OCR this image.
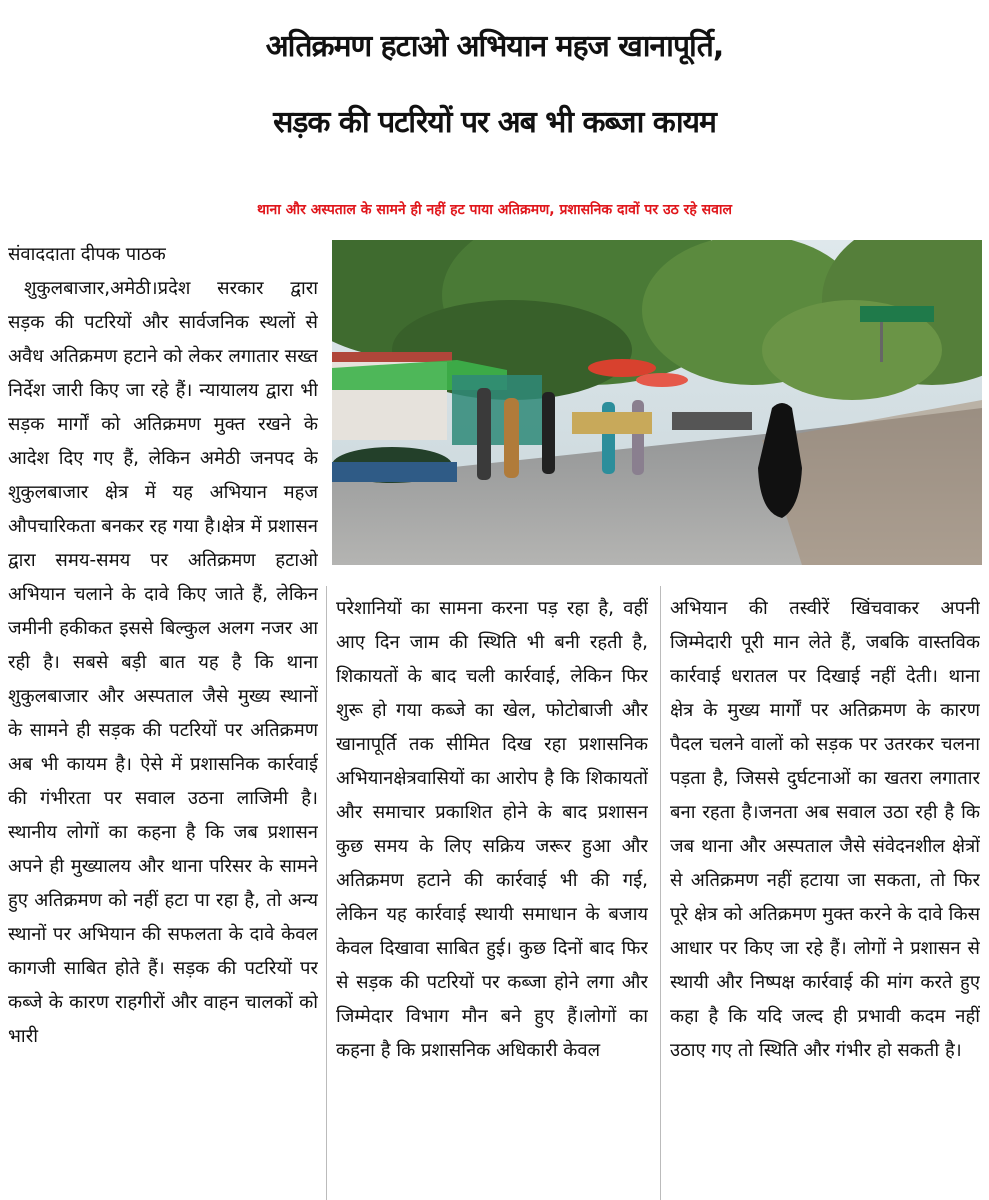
अतिक्रमण हटाओ अभियान महज खानापूर्ति,
सड़क की पटरियों पर अब भी कब्जा कायम
थाना और अस्पताल के सामने ही नहीं हट पाया अतिक्रमण, प्रशासनिक दावों पर उठ रहे सवाल
संवाददाता दीपक पाठक

शुकुलबाजार,अमेठी।प्रदेश सरकार द्वारा सड़क की पटरियों और सार्वजनिक स्थलों से अवैध अतिक्रमण हटाने को लेकर लगातार सख्त निर्देश जारी किए जा रहे हैं। न्यायालय द्वारा भी सड़क मार्गों को अतिक्रमण मुक्त रखने के आदेश दिए गए हैं, लेकिन अमेठी जनपद के शुकुलबाजार क्षेत्र में यह अभियान महज औपचारिकता बनकर रह गया है।क्षेत्र में प्रशासन द्वारा समय-समय पर अतिक्रमण हटाओ अभियान चलाने के दावे किए जाते हैं, लेकिन जमीनी हकीकत इससे बिल्कुल अलग नजर आ रही है। सबसे बड़ी बात यह है कि थाना शुकुलबाजार और अस्पताल जैसे मुख्य स्थानों के सामने ही सड़क की पटरियों पर अतिक्रमण अब भी कायम है। ऐसे में प्रशासनिक कार्रवाई की गंभीरता पर सवाल उठना लाजिमी है।स्थानीय लोगों का कहना है कि जब प्रशासन अपने ही मुख्यालय और थाना परिसर के सामने हुए अतिक्रमण को नहीं हटा पा रहा है, तो अन्य स्थानों पर अभियान की सफलता के दावे केवल कागजी साबित होते हैं। सड़क की पटरियों पर कब्जे के कारण राहगीरों और वाहन चालकों को भारी

परेशानियों का सामना करना पड़ रहा है, वहीं आए दिन जाम की स्थिति भी बनी रहती है, शिकायतों के बाद चली कार्रवाई, लेकिन फिर शुरू हो गया कब्जे का खेल, फोटोबाजी और खानापूर्ति तक सीमित दिख रहा प्रशासनिक अभियानक्षेत्रवासियों का आरोप है कि शिकायतों और समाचार प्रकाशित होने के बाद प्रशासन कुछ समय के लिए सक्रिय जरूर हुआ और अतिक्रमण हटाने की कार्रवाई भी की गई, लेकिन यह कार्रवाई स्थायी समाधान के बजाय केवल दिखावा साबित हुई। कुछ दिनों बाद फिर से सड़क की पटरियों पर कब्जा होने लगा और जिम्मेदार विभाग मौन बने हुए हैं।लोगों का कहना है कि प्रशासनिक अधिकारी केवल

अभियान की तस्वीरें खिंचवाकर अपनी जिम्मेदारी पूरी मान लेते हैं, जबकि वास्तविक कार्रवाई धरातल पर दिखाई नहीं देती। थाना क्षेत्र के मुख्य मार्गों पर अतिक्रमण के कारण पैदल चलने वालों को सड़क पर उतरकर चलना पड़ता है, जिससे दुर्घटनाओं का खतरा लगातार बना रहता है।जनता अब सवाल उठा रही है कि जब थाना और अस्पताल जैसे संवेदनशील क्षेत्रों से अतिक्रमण नहीं हटाया जा सकता, तो फिर पूरे क्षेत्र को अतिक्रमण मुक्त करने के दावे किस आधार पर किए जा रहे हैं। लोगों ने प्रशासन से स्थायी और निष्पक्ष कार्रवाई की मांग करते हुए कहा है कि यदि जल्द ही प्रभावी कदम नहीं उठाए गए तो स्थिति और गंभीर हो सकती है।
